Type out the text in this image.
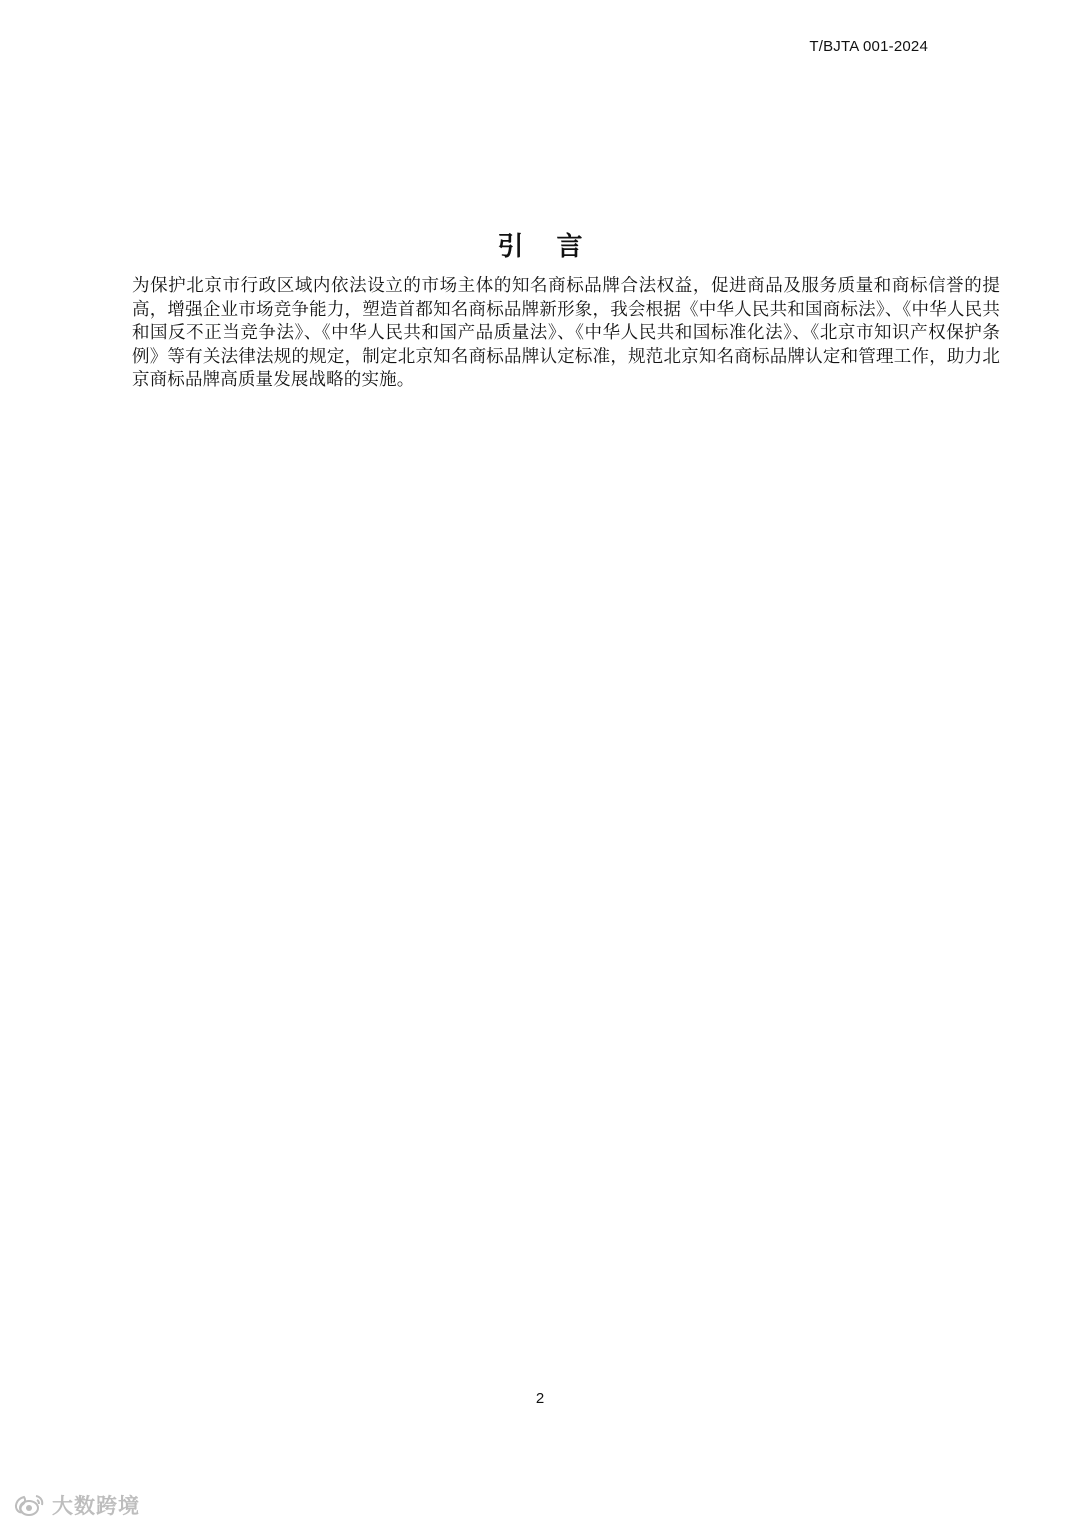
T/BJTA 001-2024
引 言

为保护北京市行政区域内依法设立的市场主体的知名商标品牌合法权益，促进商品及服务质量和商标信誉的提高，增强企业市场竞争能力，塑造首都知名商标品牌新形象，我会根据《中华人民共和国商标法》、《中华人民共和国反不正当竞争法》、《中华人民共和国产品质量法》、《中华人民共和国标准化法》、《北京市知识产权保护条例》等有关法律法规的规定，制定北京知名商标品牌认定标准，规范北京知名商标品牌认定和管理工作，助力北京商标品牌高质量发展战略的实施。

2
大数跨境
